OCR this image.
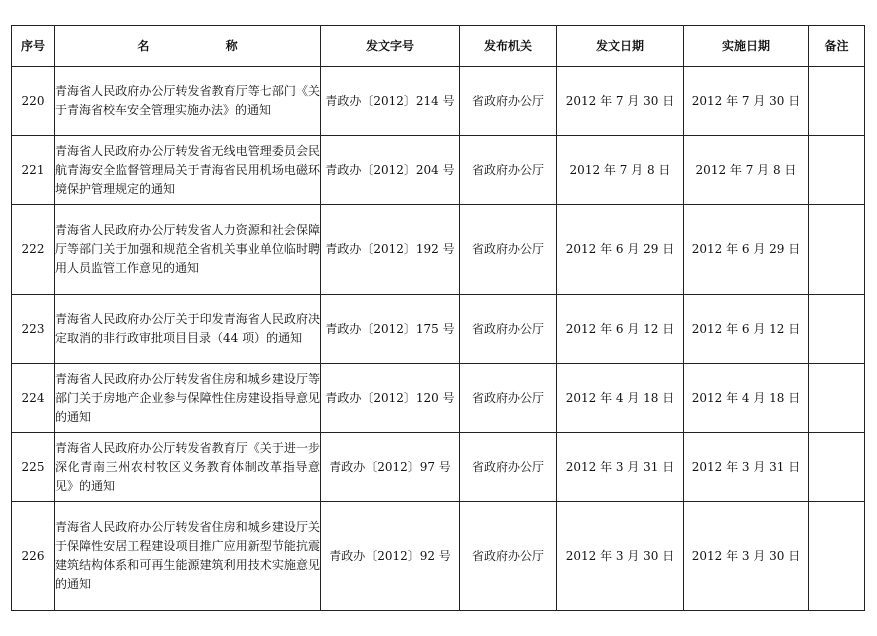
序号	名 称	发文字号	发布机关	发文日期	实施日期	备注
220	青海省人民政府办公厅转发省教育厅等七部门《关于青海省校车安全管理实施办法》的通知	青政办〔2012〕214 号	省政府办公厅	2012 年 7 月 30 日	2012 年 7 月 30 日	
221	青海省人民政府办公厅转发省无线电管理委员会民航青海安全监督管理局关于青海省民用机场电磁环境保护管理规定的通知	青政办〔2012〕204 号	省政府办公厅	2012 年 7 月 8 日	2012 年 7 月 8 日	
222	青海省人民政府办公厅转发省人力资源和社会保障厅等部门关于加强和规范全省机关事业单位临时聘用人员监管工作意见的通知	青政办〔2012〕192 号	省政府办公厅	2012 年 6 月 29 日	2012 年 6 月 29 日	
223	青海省人民政府办公厅关于印发青海省人民政府决定取消的非行政审批项目目录（44 项）的通知	青政办〔2012〕175 号	省政府办公厅	2012 年 6 月 12 日	2012 年 6 月 12 日	
224	青海省人民政府办公厅转发省住房和城乡建设厅等部门关于房地产企业参与保障性住房建设指导意见的通知	青政办〔2012〕120 号	省政府办公厅	2012 年 4 月 18 日	2012 年 4 月 18 日	
225	青海省人民政府办公厅转发省教育厅《关于进一步深化青南三州农村牧区义务教育体制改革指导意见》的通知	青政办〔2012〕97 号	省政府办公厅	2012 年 3 月 31 日	2012 年 3 月 31 日	
226	青海省人民政府办公厅转发省住房和城乡建设厅关于保障性安居工程建设项目推广应用新型节能抗震建筑结构体系和可再生能源建筑利用技术实施意见的通知	青政办〔2012〕92 号	省政府办公厅	2012 年 3 月 30 日	2012 年 3 月 30 日	
